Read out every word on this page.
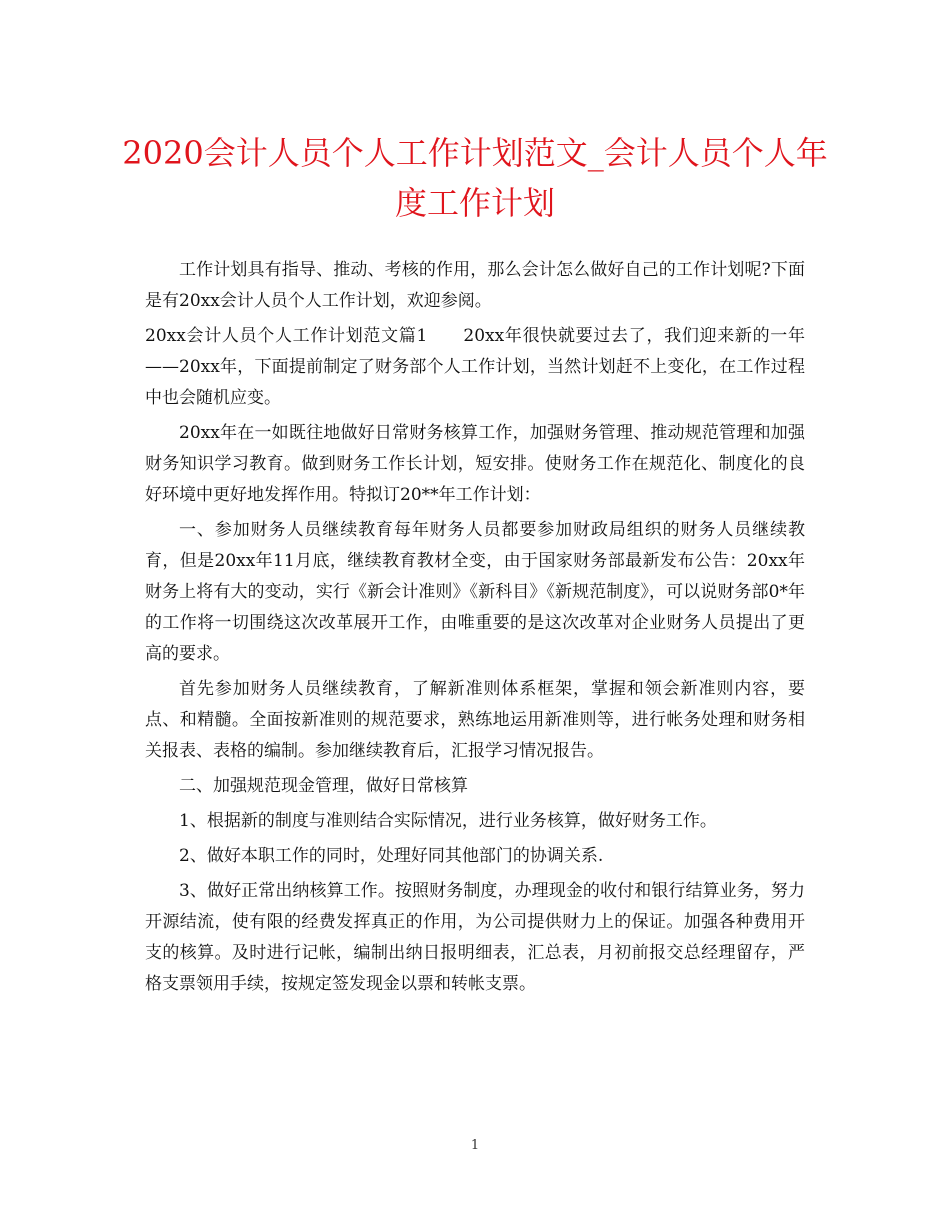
2020会计人员个人工作计划范文_会计人员个人年度工作计划

工作计划具有指导、推动、考核的作用，那么会计怎么做好自己的工作计划呢?下面是有20xx会计人员个人工作计划，欢迎参阅。

20xx会计人员个人工作计划范文篇1　　20xx年很快就要过去了，我们迎来新的一年——20xx年，下面提前制定了财务部个人工作计划，当然计划赶不上变化，在工作过程中也会随机应变。

20xx年在一如既往地做好日常财务核算工作，加强财务管理、推动规范管理和加强财务知识学习教育。做到财务工作长计划，短安排。使财务工作在规范化、制度化的良好环境中更好地发挥作用。特拟订20**年工作计划：

一、参加财务人员继续教育每年财务人员都要参加财政局组织的财务人员继续教育，但是20xx年11月底，继续教育教材全变，由于国家财务部最新发布公告：20xx年财务上将有大的变动，实行《新会计准则》《新科目》《新规范制度》，可以说财务部0*年的工作将一切围绕这次改革展开工作，由唯重要的是这次改革对企业财务人员提出了更高的要求。

首先参加财务人员继续教育，了解新准则体系框架，掌握和领会新准则内容，要点、和精髓。全面按新准则的规范要求，熟练地运用新准则等，进行帐务处理和财务相关报表、表格的编制。参加继续教育后，汇报学习情况报告。

二、加强规范现金管理，做好日常核算

1、根据新的制度与准则结合实际情况，进行业务核算，做好财务工作。

2、做好本职工作的同时，处理好同其他部门的协调关系.

3、做好正常出纳核算工作。按照财务制度，办理现金的收付和银行结算业务，努力开源结流，使有限的经费发挥真正的作用，为公司提供财力上的保证。加强各种费用开支的核算。及时进行记帐，编制出纳日报明细表，汇总表，月初前报交总经理留存，严格支票领用手续，按规定签发现金以票和转帐支票。

1
